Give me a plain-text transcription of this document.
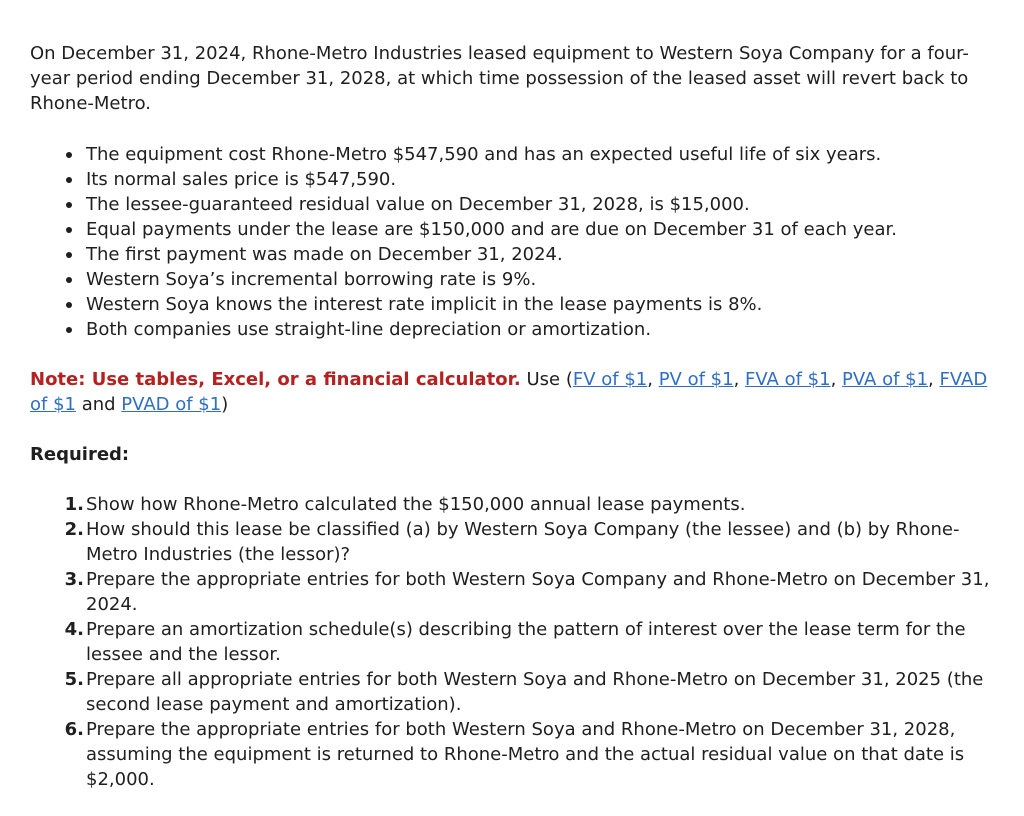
On December 31, 2024, Rhone-Metro Industries leased equipment to Western Soya Company for a four-year period ending December 31, 2028, at which time possession of the leased asset will revert back to Rhone-Metro.

The equipment cost Rhone-Metro $547,590 and has an expected useful life of six years.
Its normal sales price is $547,590.
The lessee-guaranteed residual value on December 31, 2028, is $15,000.
Equal payments under the lease are $150,000 and are due on December 31 of each year.
The first payment was made on December 31, 2024.
Western Soya’s incremental borrowing rate is 9%.
Western Soya knows the interest rate implicit in the lease payments is 8%.
Both companies use straight-line depreciation or amortization.

Note: Use tables, Excel, or a financial calculator. Use (FV of $1, PV of $1, FVA of $1, PVA of $1, FVAD of $1 and PVAD of $1)

Required:

1. Show how Rhone-Metro calculated the $150,000 annual lease payments.
2. How should this lease be classified (a) by Western Soya Company (the lessee) and (b) by Rhone-Metro Industries (the lessor)?
3. Prepare the appropriate entries for both Western Soya Company and Rhone-Metro on December 31, 2024.
4. Prepare an amortization schedule(s) describing the pattern of interest over the lease term for the lessee and the lessor.
5. Prepare all appropriate entries for both Western Soya and Rhone-Metro on December 31, 2025 (the second lease payment and amortization).
6. Prepare the appropriate entries for both Western Soya and Rhone-Metro on December 31, 2028, assuming the equipment is returned to Rhone-Metro and the actual residual value on that date is $2,000.
